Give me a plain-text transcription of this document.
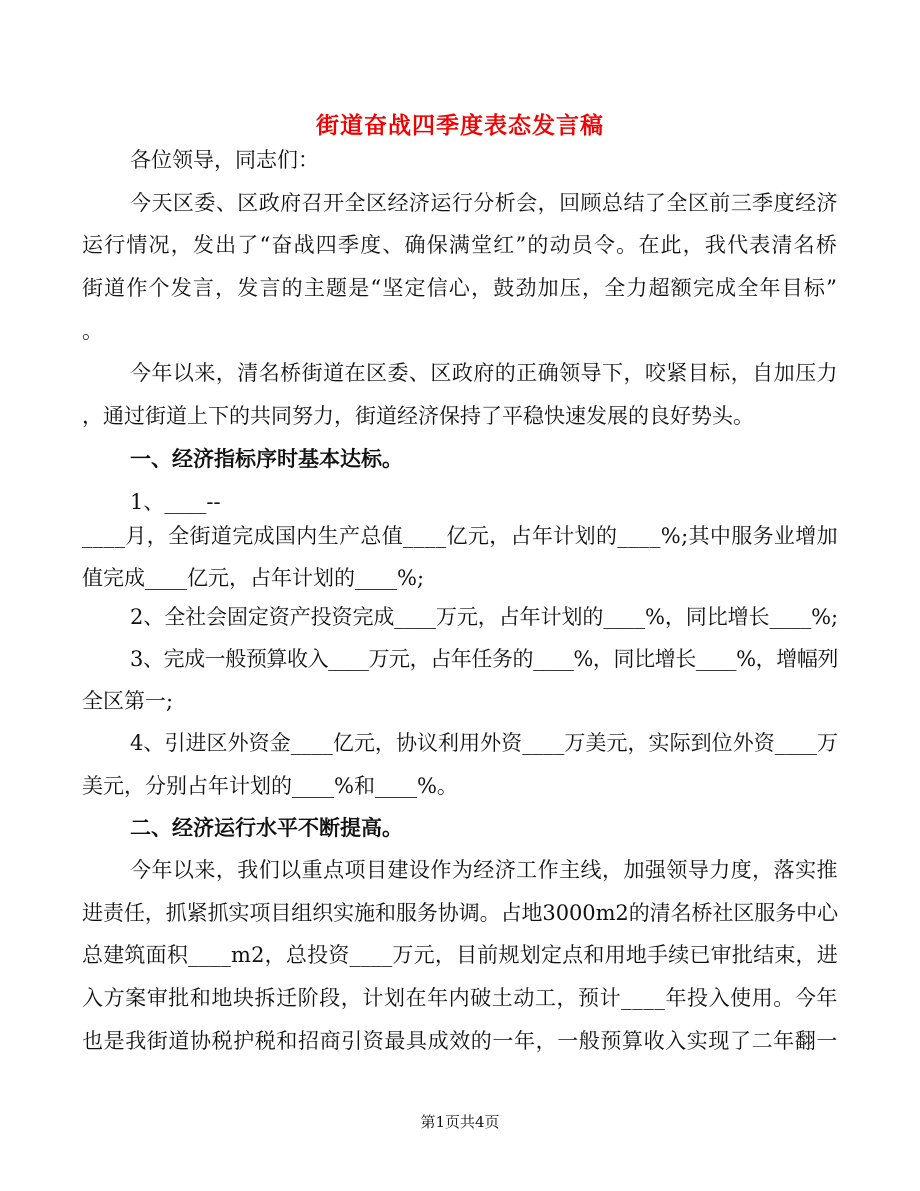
街道奋战四季度表态发言稿
各位领导，同志们：
今天区委、区政府召开全区经济运行分析会，回顾总结了全区前三季度经济
运行情况，发出了“奋战四季度、确保满堂红”的动员令。在此，我代表清名桥
街道作个发言，发言的主题是“坚定信心，鼓劲加压，全力超额完成全年目标”
。
今年以来，清名桥街道在区委、区政府的正确领导下，咬紧目标，自加压力
，通过街道上下的共同努力，街道经济保持了平稳快速发展的良好势头。
一、经济指标序时基本达标。
1、____--
____月，全街道完成国内生产总值____亿元，占年计划的____%;其中服务业增加
值完成____亿元，占年计划的____%;
2、全社会固定资产投资完成____万元，占年计划的____%，同比增长____%;
3、完成一般预算收入____万元，占年任务的____%，同比增长____%，增幅列
全区第一;
4、引进区外资金____亿元，协议利用外资____万美元，实际到位外资____万
美元，分别占年计划的____%和____%。
二、经济运行水平不断提高。
今年以来，我们以重点项目建设作为经济工作主线，加强领导力度，落实推
进责任，抓紧抓实项目组织实施和服务协调。占地3000m2的清名桥社区服务中心
总建筑面积____m2，总投资____万元，目前规划定点和用地手续已审批结束，进
入方案审批和地块拆迁阶段，计划在年内破土动工，预计____年投入使用。今年
也是我街道协税护税和招商引资最具成效的一年，一般预算收入实现了二年翻一
第1页共4页
